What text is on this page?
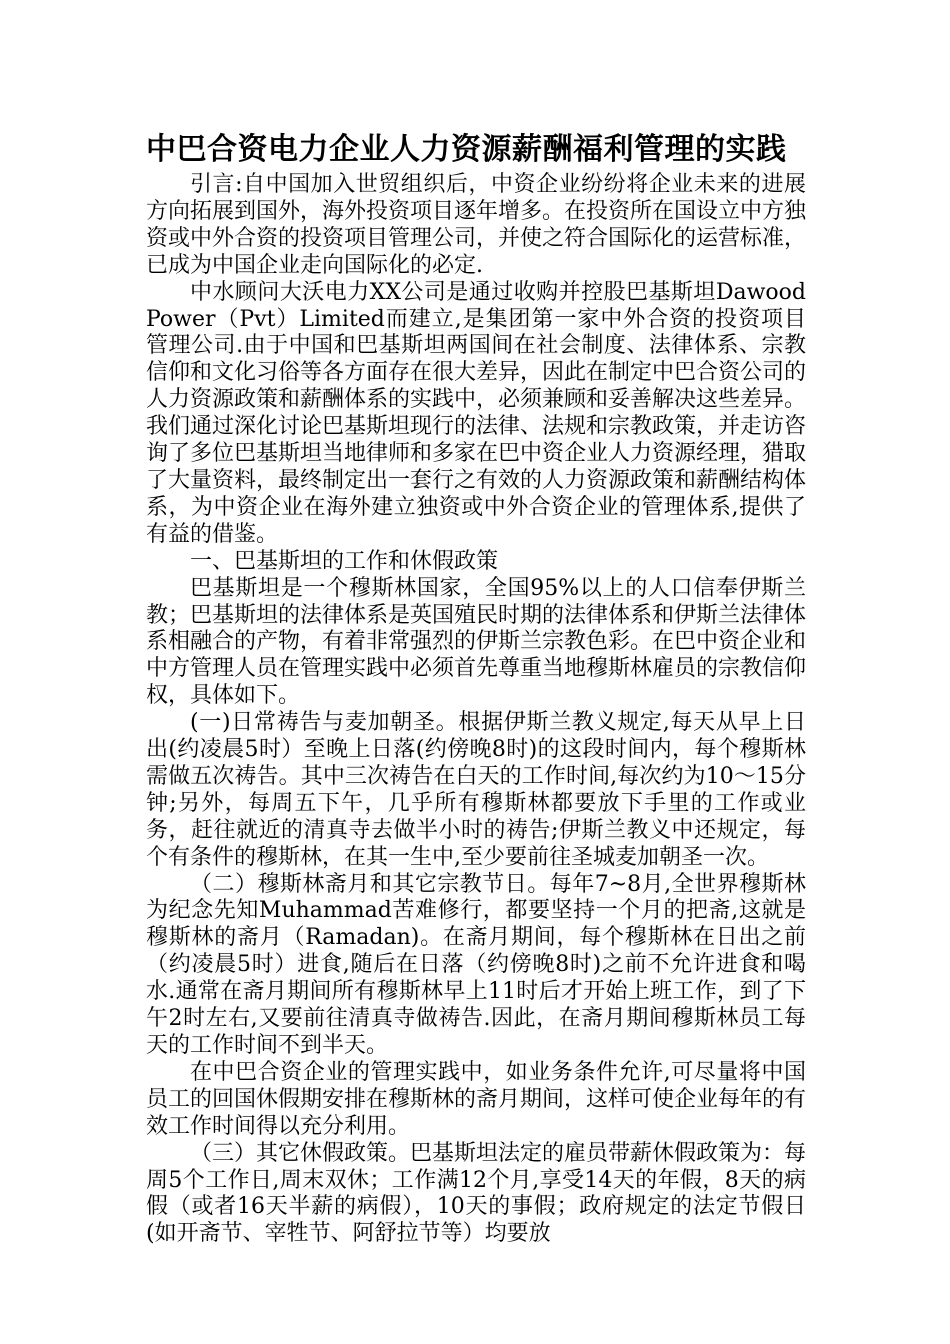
中巴合资电力企业人力资源薪酬福利管理的实践

引言:自中国加入世贸组织后，中资企业纷纷将企业未来的进展方向拓展到国外，海外投资项目逐年增多。在投资所在国设立中方独资或中外合资的投资项目管理公司，并使之符合国际化的运营标准，已成为中国企业走向国际化的必定.

中水顾问大沃电力XX公司是通过收购并控股巴基斯坦Dawood Power（Pvt）Limited而建立,是集团第一家中外合资的投资项目管理公司.由于中国和巴基斯坦两国间在社会制度、法律体系、宗教信仰和文化习俗等各方面存在很大差异，因此在制定中巴合资公司的人力资源政策和薪酬体系的实践中，必须兼顾和妥善解决这些差异。我们通过深化讨论巴基斯坦现行的法律、法规和宗教政策，并走访咨询了多位巴基斯坦当地律师和多家在巴中资企业人力资源经理，猎取了大量资料，最终制定出一套行之有效的人力资源政策和薪酬结构体系，为中资企业在海外建立独资或中外合资企业的管理体系,提供了有益的借鉴。

一、巴基斯坦的工作和休假政策

巴基斯坦是一个穆斯林国家，全国95%以上的人口信奉伊斯兰教；巴基斯坦的法律体系是英国殖民时期的法律体系和伊斯兰法律体系相融合的产物，有着非常强烈的伊斯兰宗教色彩。在巴中资企业和中方管理人员在管理实践中必须首先尊重当地穆斯林雇员的宗教信仰权，具体如下。

(一)日常祷告与麦加朝圣。根据伊斯兰教义规定,每天从早上日出(约凌晨5时）至晚上日落(约傍晚8时)的这段时间内，每个穆斯林需做五次祷告。其中三次祷告在白天的工作时间,每次约为10～15分钟;另外，每周五下午，几乎所有穆斯林都要放下手里的工作或业务，赶往就近的清真寺去做半小时的祷告;伊斯兰教义中还规定，每个有条件的穆斯林，在其一生中,至少要前往圣城麦加朝圣一次。

（二）穆斯林斋月和其它宗教节日。每年7~8月,全世界穆斯林为纪念先知Muhammad苦难修行，都要坚持一个月的把斋,这就是穆斯林的斋月（Ramadan)。在斋月期间，每个穆斯林在日出之前（约凌晨5时）进食,随后在日落（约傍晚8时)之前不允许进食和喝水.通常在斋月期间所有穆斯林早上11时后才开始上班工作，到了下午2时左右,又要前往清真寺做祷告.因此，在斋月期间穆斯林员工每天的工作时间不到半天。

在中巴合资企业的管理实践中，如业务条件允许,可尽量将中国员工的回国休假期安排在穆斯林的斋月期间，这样可使企业每年的有效工作时间得以充分利用。

（三）其它休假政策。巴基斯坦法定的雇员带薪休假政策为：每周5个工作日,周末双休；工作满12个月,享受14天的年假，8天的病假（或者16天半薪的病假），10天的事假；政府规定的法定节假日(如开斋节、宰牲节、阿舒拉节等）均要放
